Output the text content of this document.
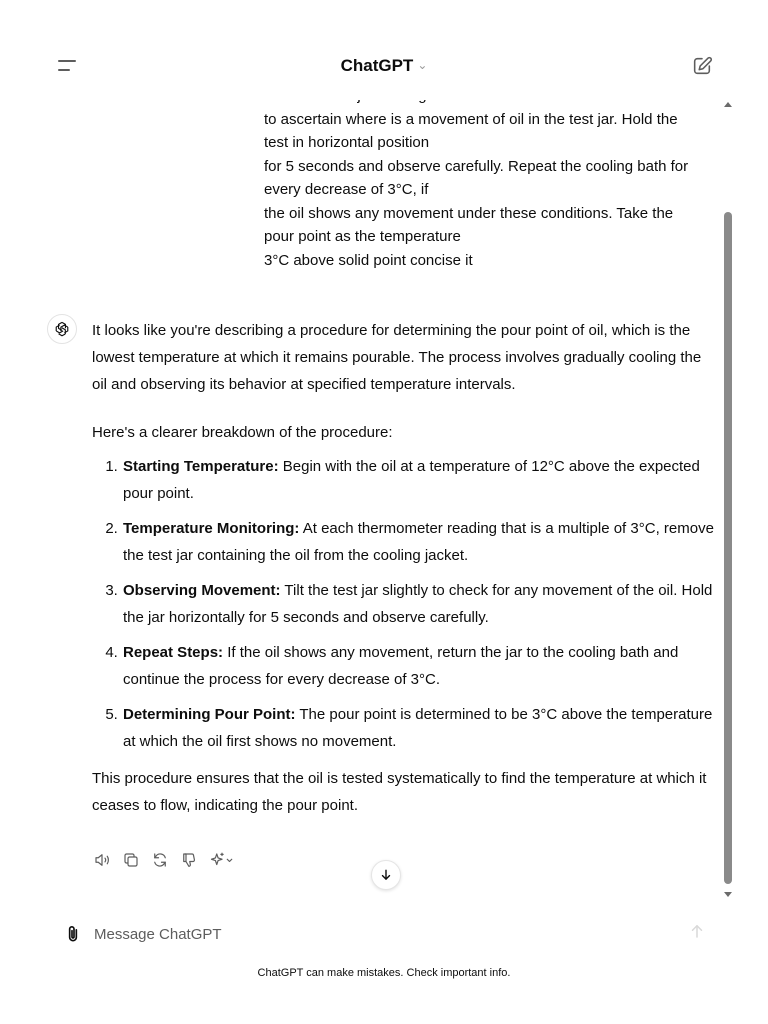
to ascertain where is a movement of oil in the test jar. Hold the
test in horizontal position
for 5 seconds and observe carefully. Repeat the cooling bath for
every decrease of 3°C, if
the oil shows any movement under these conditions. Take the
pour point as the temperature
3°C above solid point concise it

It looks like you're describing a procedure for determining the pour point of oil, which is the lowest temperature at which it remains pourable. The process involves gradually cooling the oil and observing its behavior at specified temperature intervals.

Here's a clearer breakdown of the procedure:

1. Starting Temperature: Begin with the oil at a temperature of 12°C above the expected pour point.
2. Temperature Monitoring: At each thermometer reading that is a multiple of 3°C, remove the test jar containing the oil from the cooling jacket.
3. Observing Movement: Tilt the test jar slightly to check for any movement of the oil. Hold the jar horizontally for 5 seconds and observe carefully.
4. Repeat Steps: If the oil shows any movement, return the jar to the cooling bath and continue the process for every decrease of 3°C.
5. Determining Pour Point: The pour point is determined to be 3°C above the temperature at which the oil first shows no movement.

This procedure ensures that the oil is tested systematically to find the temperature at which it ceases to flow, indicating the pour point.

ChatGPT ⌄
Message ChatGPT
ChatGPT can make mistakes. Check important info.
